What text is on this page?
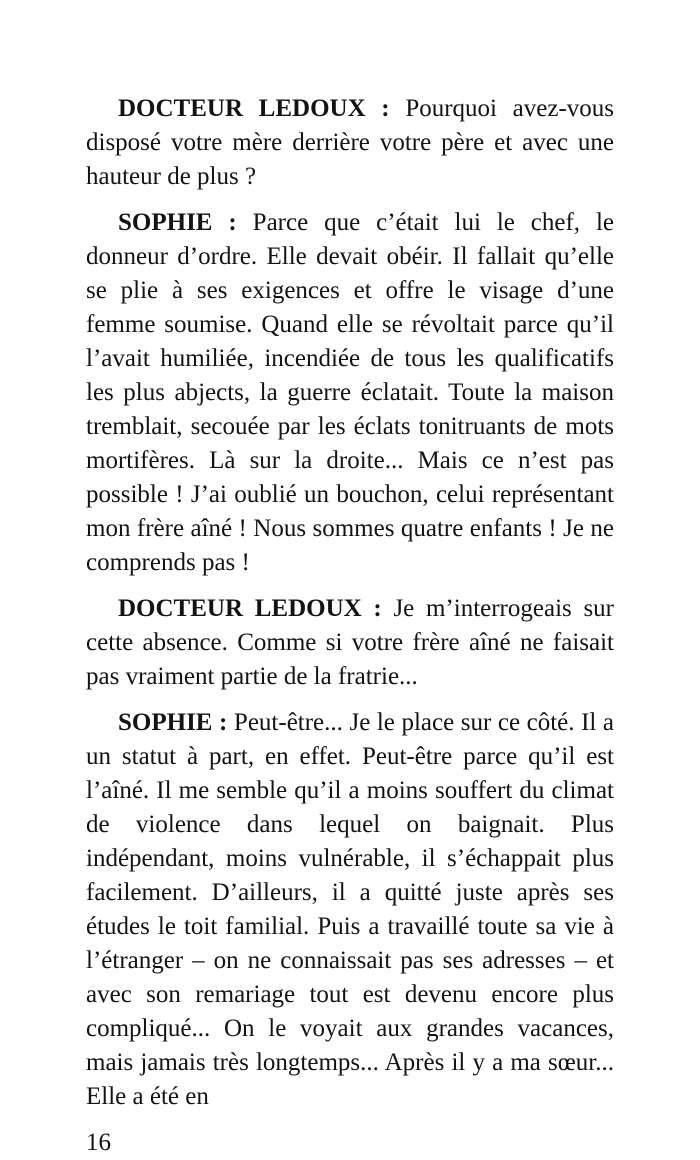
DOCTEUR LEDOUX : Pourquoi avez-vous disposé votre mère derrière votre père et avec une hauteur de plus ?

SOPHIE : Parce que c’était lui le chef, le donneur d’ordre. Elle devait obéir. Il fallait qu’elle se plie à ses exigences et offre le visage d’une femme soumise. Quand elle se révoltait parce qu’il l’avait humiliée, incendiée de tous les qualificatifs les plus abjects, la guerre éclatait. Toute la maison tremblait, secouée par les éclats tonitruants de mots mortifères. Là sur la droite... Mais ce n’est pas possible ! J’ai oublié un bouchon, celui représentant mon frère aîné ! Nous sommes quatre enfants ! Je ne comprends pas !

DOCTEUR LEDOUX : Je m’interrogeais sur cette absence. Comme si votre frère aîné ne faisait pas vraiment partie de la fratrie...

SOPHIE : Peut-être... Je le place sur ce côté. Il a un statut à part, en effet. Peut-être parce qu’il est l’aîné. Il me semble qu’il a moins souffert du climat de violence dans lequel on baignait. Plus indépendant, moins vulnérable, il s’échappait plus facilement. D’ailleurs, il a quitté juste après ses études le toit familial. Puis a travaillé toute sa vie à l’étranger – on ne connaissait pas ses adresses – et avec son remariage tout est devenu encore plus compliqué... On le voyait aux grandes vacances, mais jamais très longtemps... Après il y a ma sœur... Elle a été en

16
